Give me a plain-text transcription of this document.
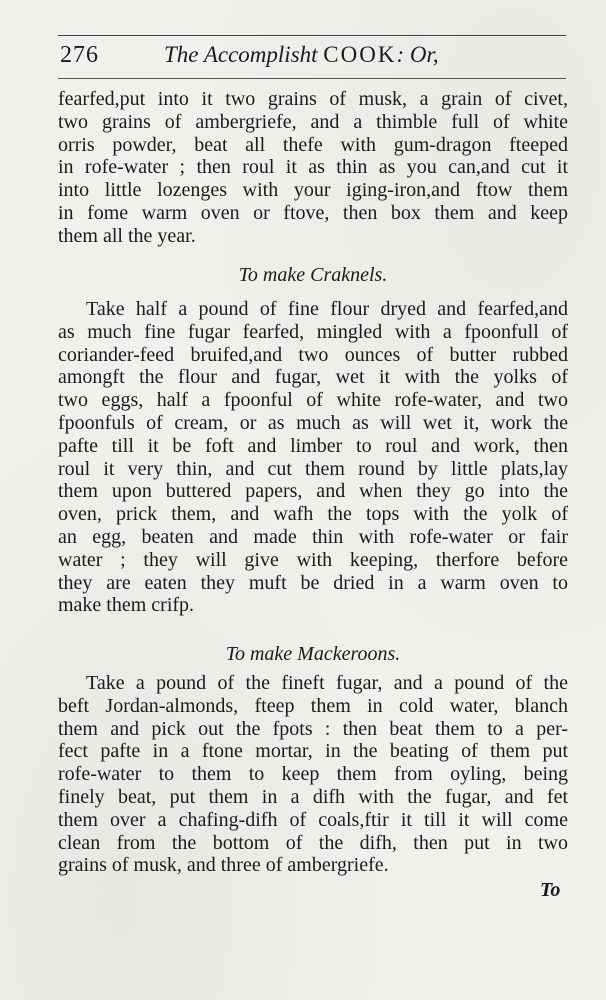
276	The Accomplisht COOK: Or,
fearfed,put into it two grains of musk, a grain of civet,
two grains of ambergriefe, and a thimble full of white
orris powder, beat all thefe with gum-dragon fteeped
in rofe-water ; then roul it as thin as you can,and cut it
into little lozenges with your iging-iron,and ftow them
in fome warm oven or ftove, then box them and keep
them all the year.
To make Craknels.
Take half a pound of fine flour dryed and fearfed,and
as much fine fugar fearfed, mingled with a fpoonfull of
coriander-feed bruifed,and two ounces of butter rubbed
amongft the flour and fugar, wet it with the yolks of
two eggs, half a fpoonful of white rofe-water, and two
fpoonfuls of cream, or as much as will wet it, work the
pafte till it be foft and limber to roul and work, then
roul it very thin, and cut them round by little plats,lay
them upon buttered papers, and when they go into the
oven, prick them, and wafh the tops with the yolk of
an egg, beaten and made thin with rofe-water or fair
water ; they will give with keeping, therfore before
they are eaten they muft be dried in a warm oven to
make them crifp.
To make Mackeroons.
Take a pound of the fineft fugar, and a pound of the
beft Jordan-almonds, fteep them in cold water, blanch
them and pick out the fpots : then beat them to a per-
fect pafte in a ftone mortar, in the beating of them put
rofe-water to them to keep them from oyling, being
finely beat, put them in a difh with the fugar, and fet
them over a chafing-difh of coals,ftir it till it will come
clean from the bottom of the difh, then put in two
grains of musk, and three of ambergriefe.
To
